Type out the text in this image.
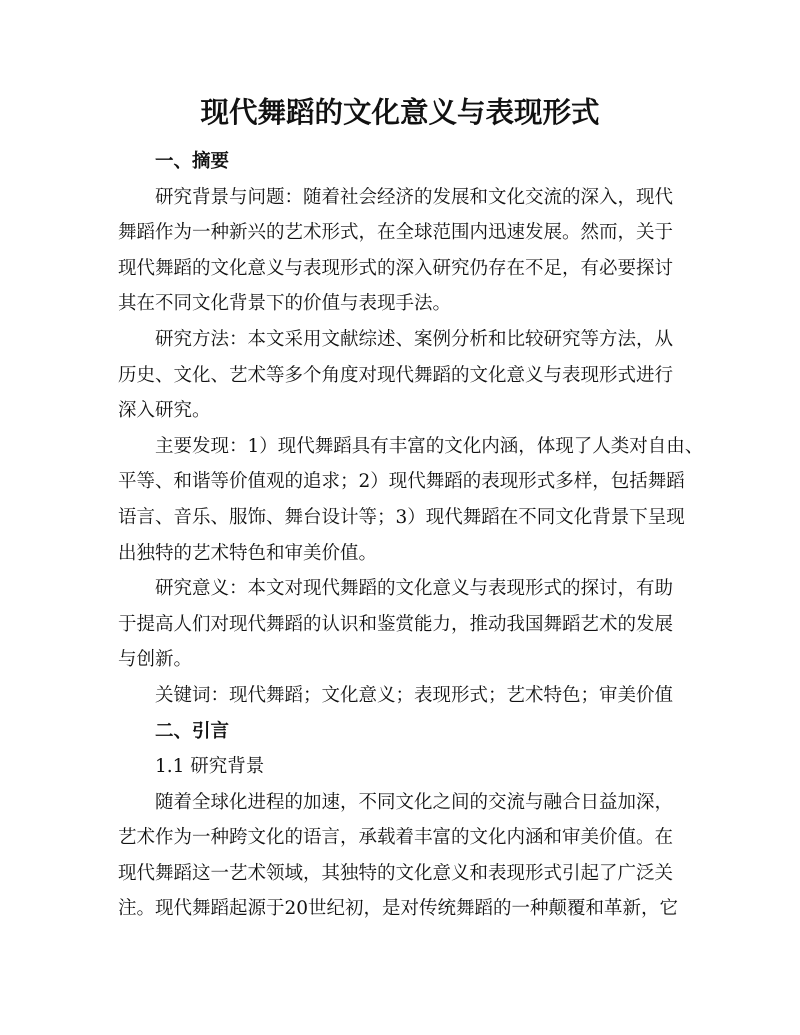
现代舞蹈的文化意义与表现形式
一、摘要
研究背景与问题：随着社会经济的发展和文化交流的深入，现代
舞蹈作为一种新兴的艺术形式，在全球范围内迅速发展。然而，关于
现代舞蹈的文化意义与表现形式的深入研究仍存在不足，有必要探讨
其在不同文化背景下的价值与表现手法。
研究方法：本文采用文献综述、案例分析和比较研究等方法，从
历史、文化、艺术等多个角度对现代舞蹈的文化意义与表现形式进行
深入研究。
主要发现：1）现代舞蹈具有丰富的文化内涵，体现了人类对自由、
平等、和谐等价值观的追求；2）现代舞蹈的表现形式多样，包括舞蹈
语言、音乐、服饰、舞台设计等；3）现代舞蹈在不同文化背景下呈现
出独特的艺术特色和审美价值。
研究意义：本文对现代舞蹈的文化意义与表现形式的探讨，有助
于提高人们对现代舞蹈的认识和鉴赏能力，推动我国舞蹈艺术的发展
与创新。
关键词：现代舞蹈；文化意义；表现形式；艺术特色；审美价值
二、引言
1.1 研究背景
随着全球化进程的加速，不同文化之间的交流与融合日益加深，
艺术作为一种跨文化的语言，承载着丰富的文化内涵和审美价值。在
现代舞蹈这一艺术领域，其独特的文化意义和表现形式引起了广泛关
注。现代舞蹈起源于20世纪初，是对传统舞蹈的一种颠覆和革新，它
